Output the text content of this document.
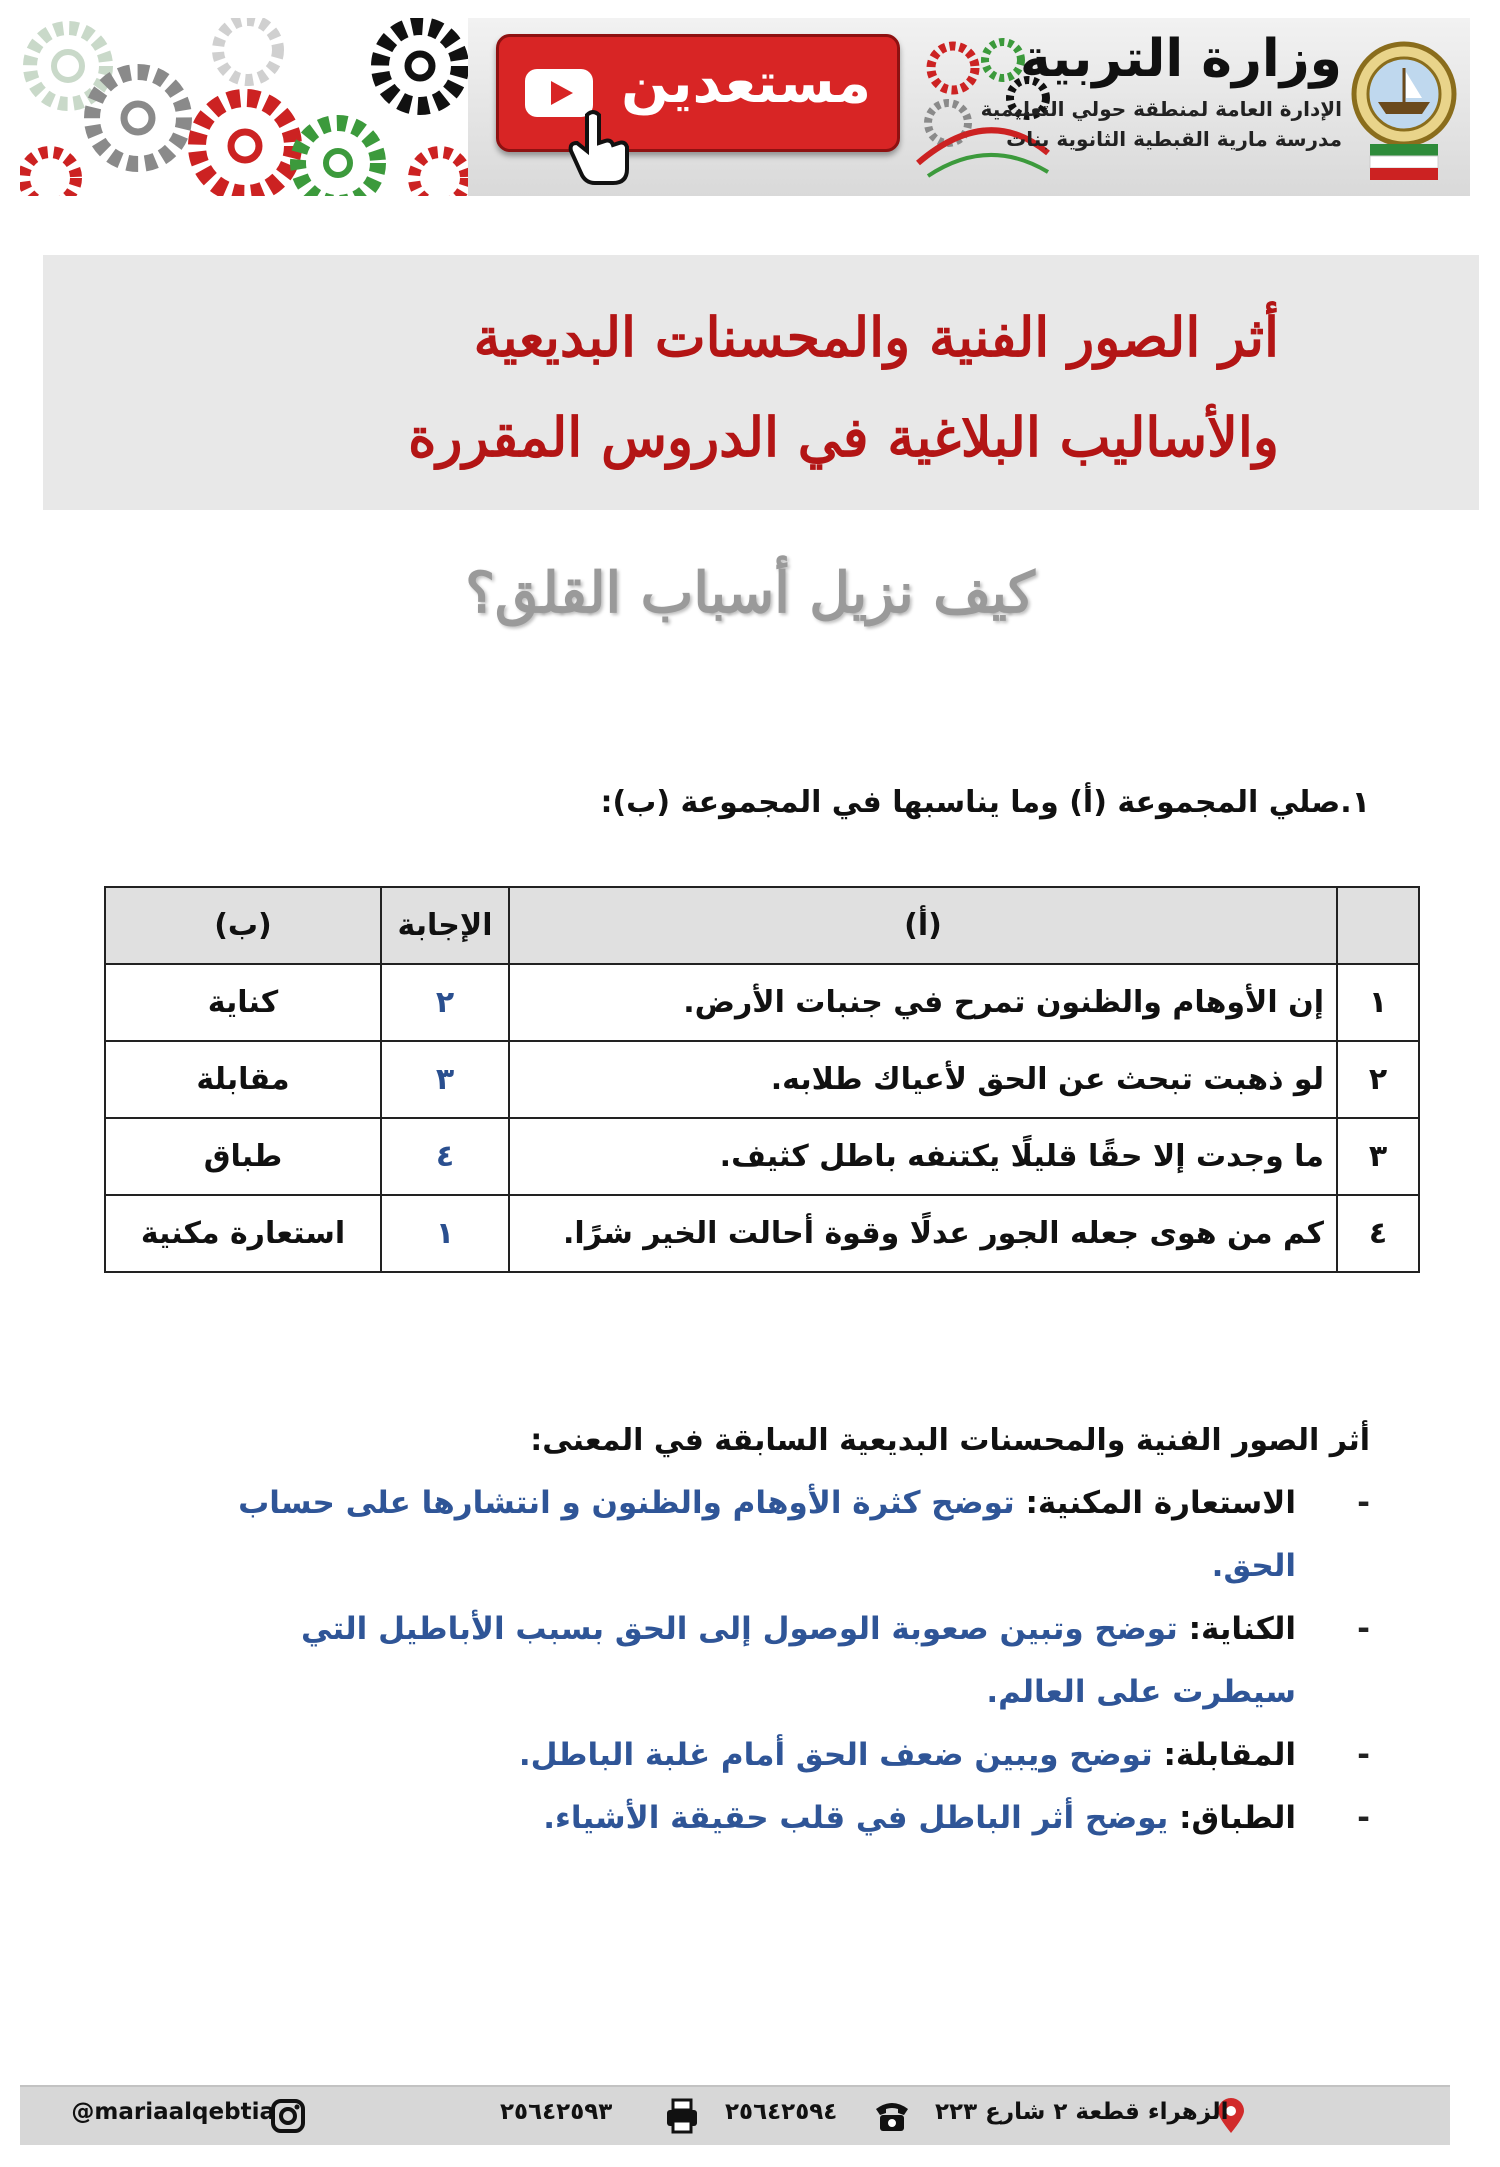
مستعدين	وزارة التربية
الإدارة العامة لمنطقة حولي التعليمية
مدرسة مارية القبطية الثانوية بنات
أثر الصور الفنية والمحسنات البديعية
والأساليب البلاغية في الدروس المقررة
كيف نزيل أسباب القلق؟
١.صلي المجموعة (أ) وما يناسبها في المجموعة (ب):
	(أ)	الإجابة	(ب)
١	إن الأوهام والظنون تمرح في جنبات الأرض.	٢	كناية
٢	لو ذهبت تبحث عن الحق لأعياك طلابه.	٣	مقابلة
٣	ما وجدت إلا حقًا قليلًا يكتنفه باطل كثيف.	٤	طباق
٤	كم من هوى جعله الجور عدلًا وقوة أحالت الخير شرًا.	١	استعارة مكنية
أثر الصور الفنية والمحسنات البديعية السابقة في المعنى:
-
الاستعارة المكنية: توضح كثرة الأوهام والظنون و انتشارها على حساب الحق.
-
الكناية: توضح وتبين صعوبة الوصول إلى الحق بسبب الأباطيل التي سيطرت على العالم.
-
المقابلة: توضح ويبين ضعف الحق أمام غلبة الباطل.
-
الطباق: يوضح أثر الباطل في قلب حقيقة الأشياء.
@mariaalqebtia	٢٥٦٤٢٥٩٣	٢٥٦٤٢٥٩٤	الزهراء قطعة ٢ شارع ٢٢٣
